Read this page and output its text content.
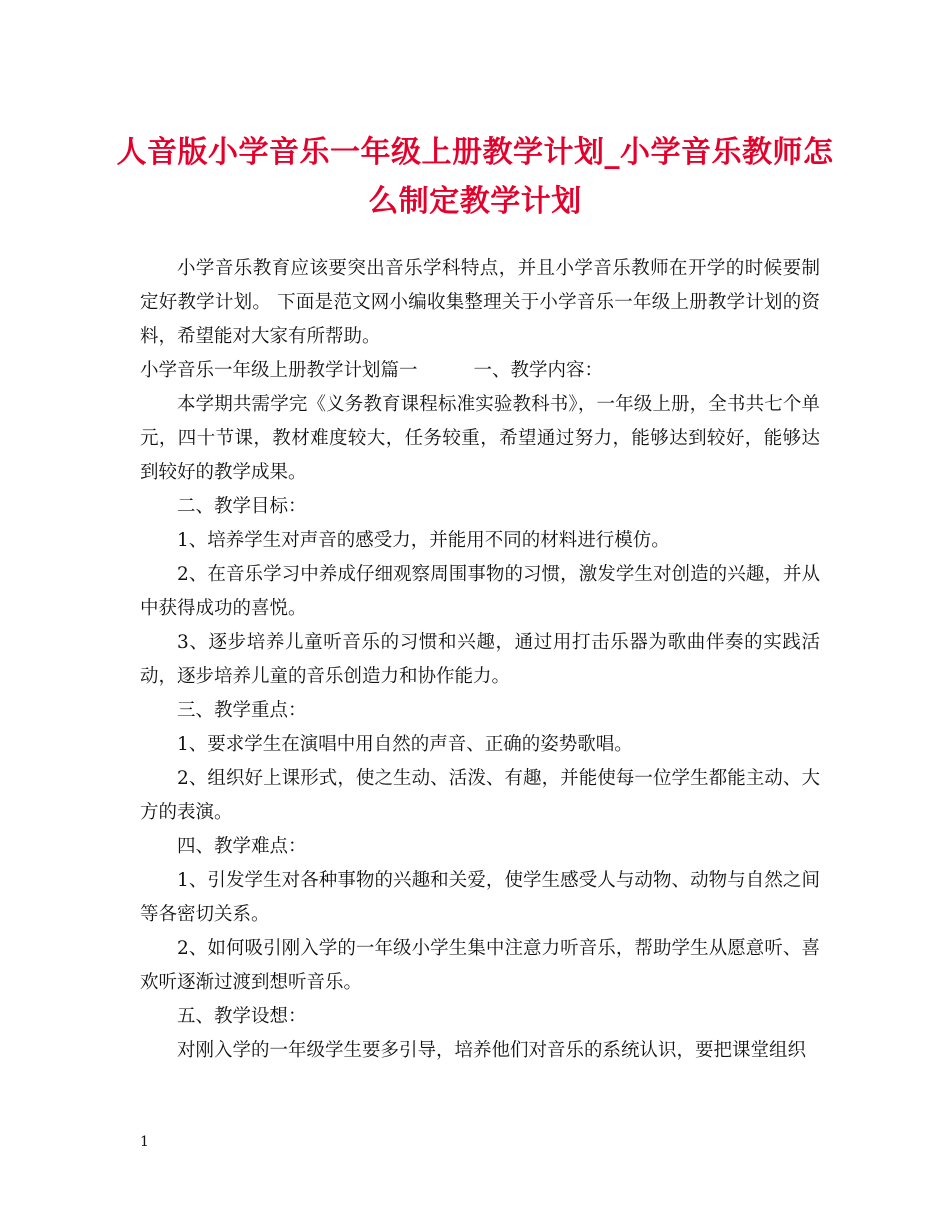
人音版小学音乐一年级上册教学计划_小学音乐教师怎么制定教学计划

小学音乐教育应该要突出音乐学科特点，并且小学音乐教师在开学的时候要制定好教学计划。 下面是范文网小编收集整理关于小学音乐一年级上册教学计划的资料，希望能对大家有所帮助。

小学音乐一年级上册教学计划篇一	一、教学内容：

本学期共需学完《义务教育课程标准实验教科书》，一年级上册，全书共七个单元，四十节课，教材难度较大，任务较重，希望通过努力，能够达到较好，能够达到较好的教学成果。

二、教学目标：

1、培养学生对声音的感受力，并能用不同的材料进行模仿。

2、在音乐学习中养成仔细观察周围事物的习惯，激发学生对创造的兴趣，并从中获得成功的喜悦。

3、逐步培养儿童听音乐的习惯和兴趣，通过用打击乐器为歌曲伴奏的实践活动，逐步培养儿童的音乐创造力和协作能力。

三、教学重点：

1、要求学生在演唱中用自然的声音、正确的姿势歌唱。

2、组织好上课形式，使之生动、活泼、有趣，并能使每一位学生都能主动、大方的表演。

四、教学难点：

1、引发学生对各种事物的兴趣和关爱，使学生感受人与动物、动物与自然之间等各密切关系。

2、如何吸引刚入学的一年级小学生集中注意力听音乐，帮助学生从愿意听、喜欢听逐渐过渡到想听音乐。

五、教学设想：

对刚入学的一年级学生要多引导，培养他们对音乐的系统认识，要把课堂组织

1
